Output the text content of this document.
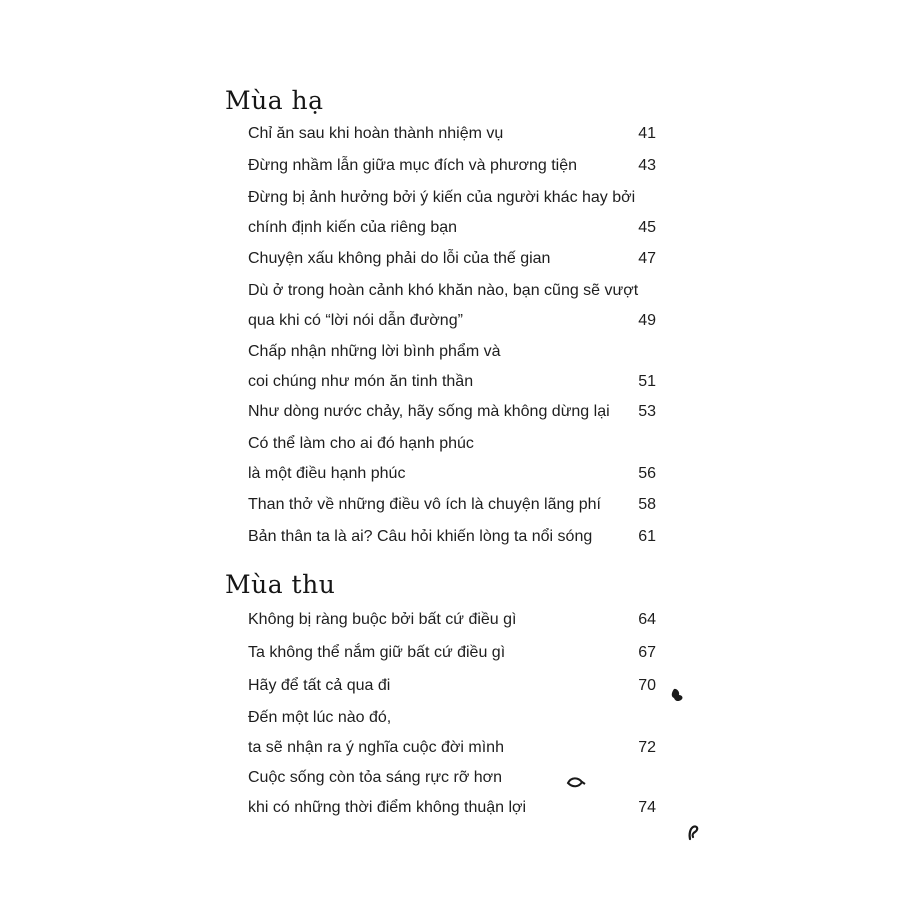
Mùa hạ
Chỉ ăn sau khi hoàn thành nhiệm vụ	41
Đừng nhầm lẫn giữa mục đích và phương tiện	43
Đừng bị ảnh hưởng bởi ý kiến của người khác hay bởi
chính định kiến của riêng bạn	45
Chuyện xấu không phải do lỗi của thế gian	47
Dù ở trong hoàn cảnh khó khăn nào, bạn cũng sẽ vượt
qua khi có “lời nói dẫn đường”	49
Chấp nhận những lời bình phẩm và
coi chúng như món ăn tinh thần	51
Như dòng nước chảy, hãy sống mà không dừng lại	53
Có thể làm cho ai đó hạnh phúc
là một điều hạnh phúc	56
Than thở về những điều vô ích là chuyện lãng phí	58
Bản thân ta là ai? Câu hỏi khiến lòng ta nổi sóng	61
Mùa thu
Không bị ràng buộc bởi bất cứ điều gì	64
Ta không thể nắm giữ bất cứ điều gì	67
Hãy để tất cả qua đi	70
Đến một lúc nào đó,
ta sẽ nhận ra ý nghĩa cuộc đời mình	72
Cuộc sống còn tỏa sáng rực rỡ hơn
khi có những thời điểm không thuận lợi	74
